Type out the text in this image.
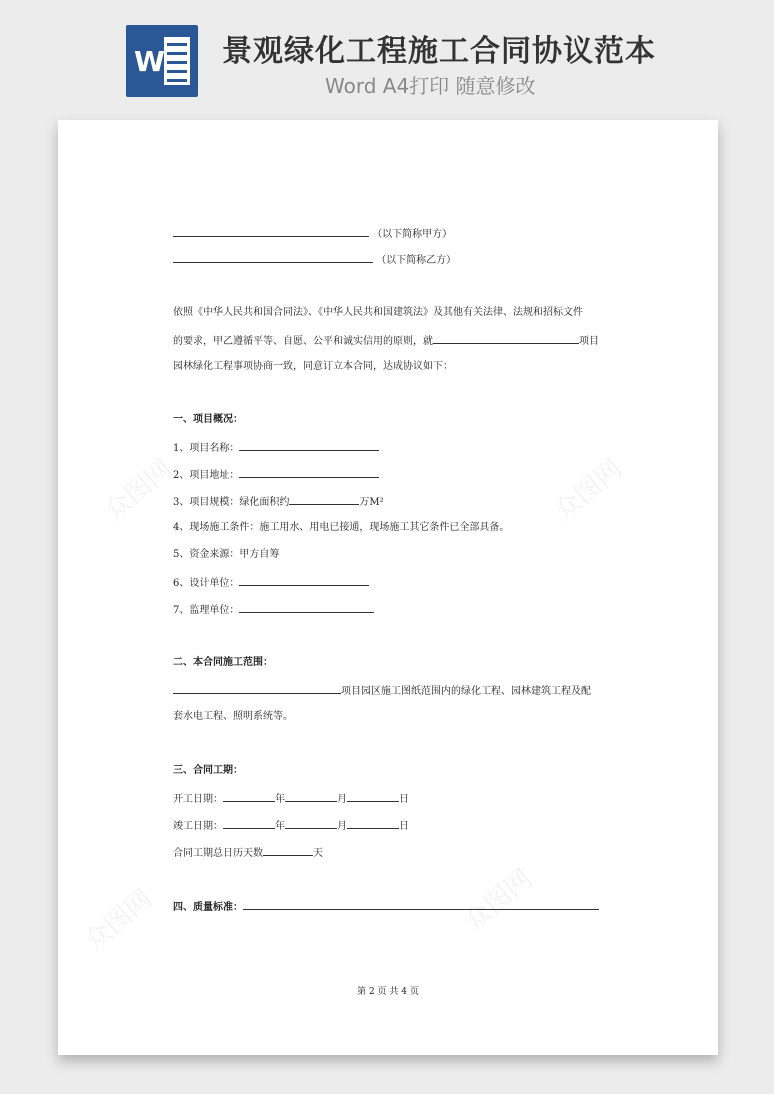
W 景观绿化工程施工合同协议范本
Word A4打印 随意修改
众图网	众图网
众图网	众图网
（以下简称甲方）
（以下简称乙方）
依照《中华人民共和国合同法》、《中华人民共和国建筑法》及其他有关法律、法规和招标文件
的要求，甲乙遵循平等、自愿、公平和诚实信用的原则，就	项目
园林绿化工程事项协商一致，同意订立本合同，达成协议如下：
一、项目概况：
1、项目名称：
2、项目地址：
3、项目规模：绿化面积约	万M²
4、现场施工条件：施工用水、用电已接通，现场施工其它条件已全部具备。
5、资金来源：甲方自筹
6、设计单位：
7、监理单位：
二、本合同施工范围：
项目园区施工图纸范围内的绿化工程、园林建筑工程及配
套水电工程、照明系统等。
三、合同工期：
开工日期：	年	月	日
竣工日期：	年	月	日
合同工期总日历天数	天
四、质量标准：
第 2 页 共 4 页
